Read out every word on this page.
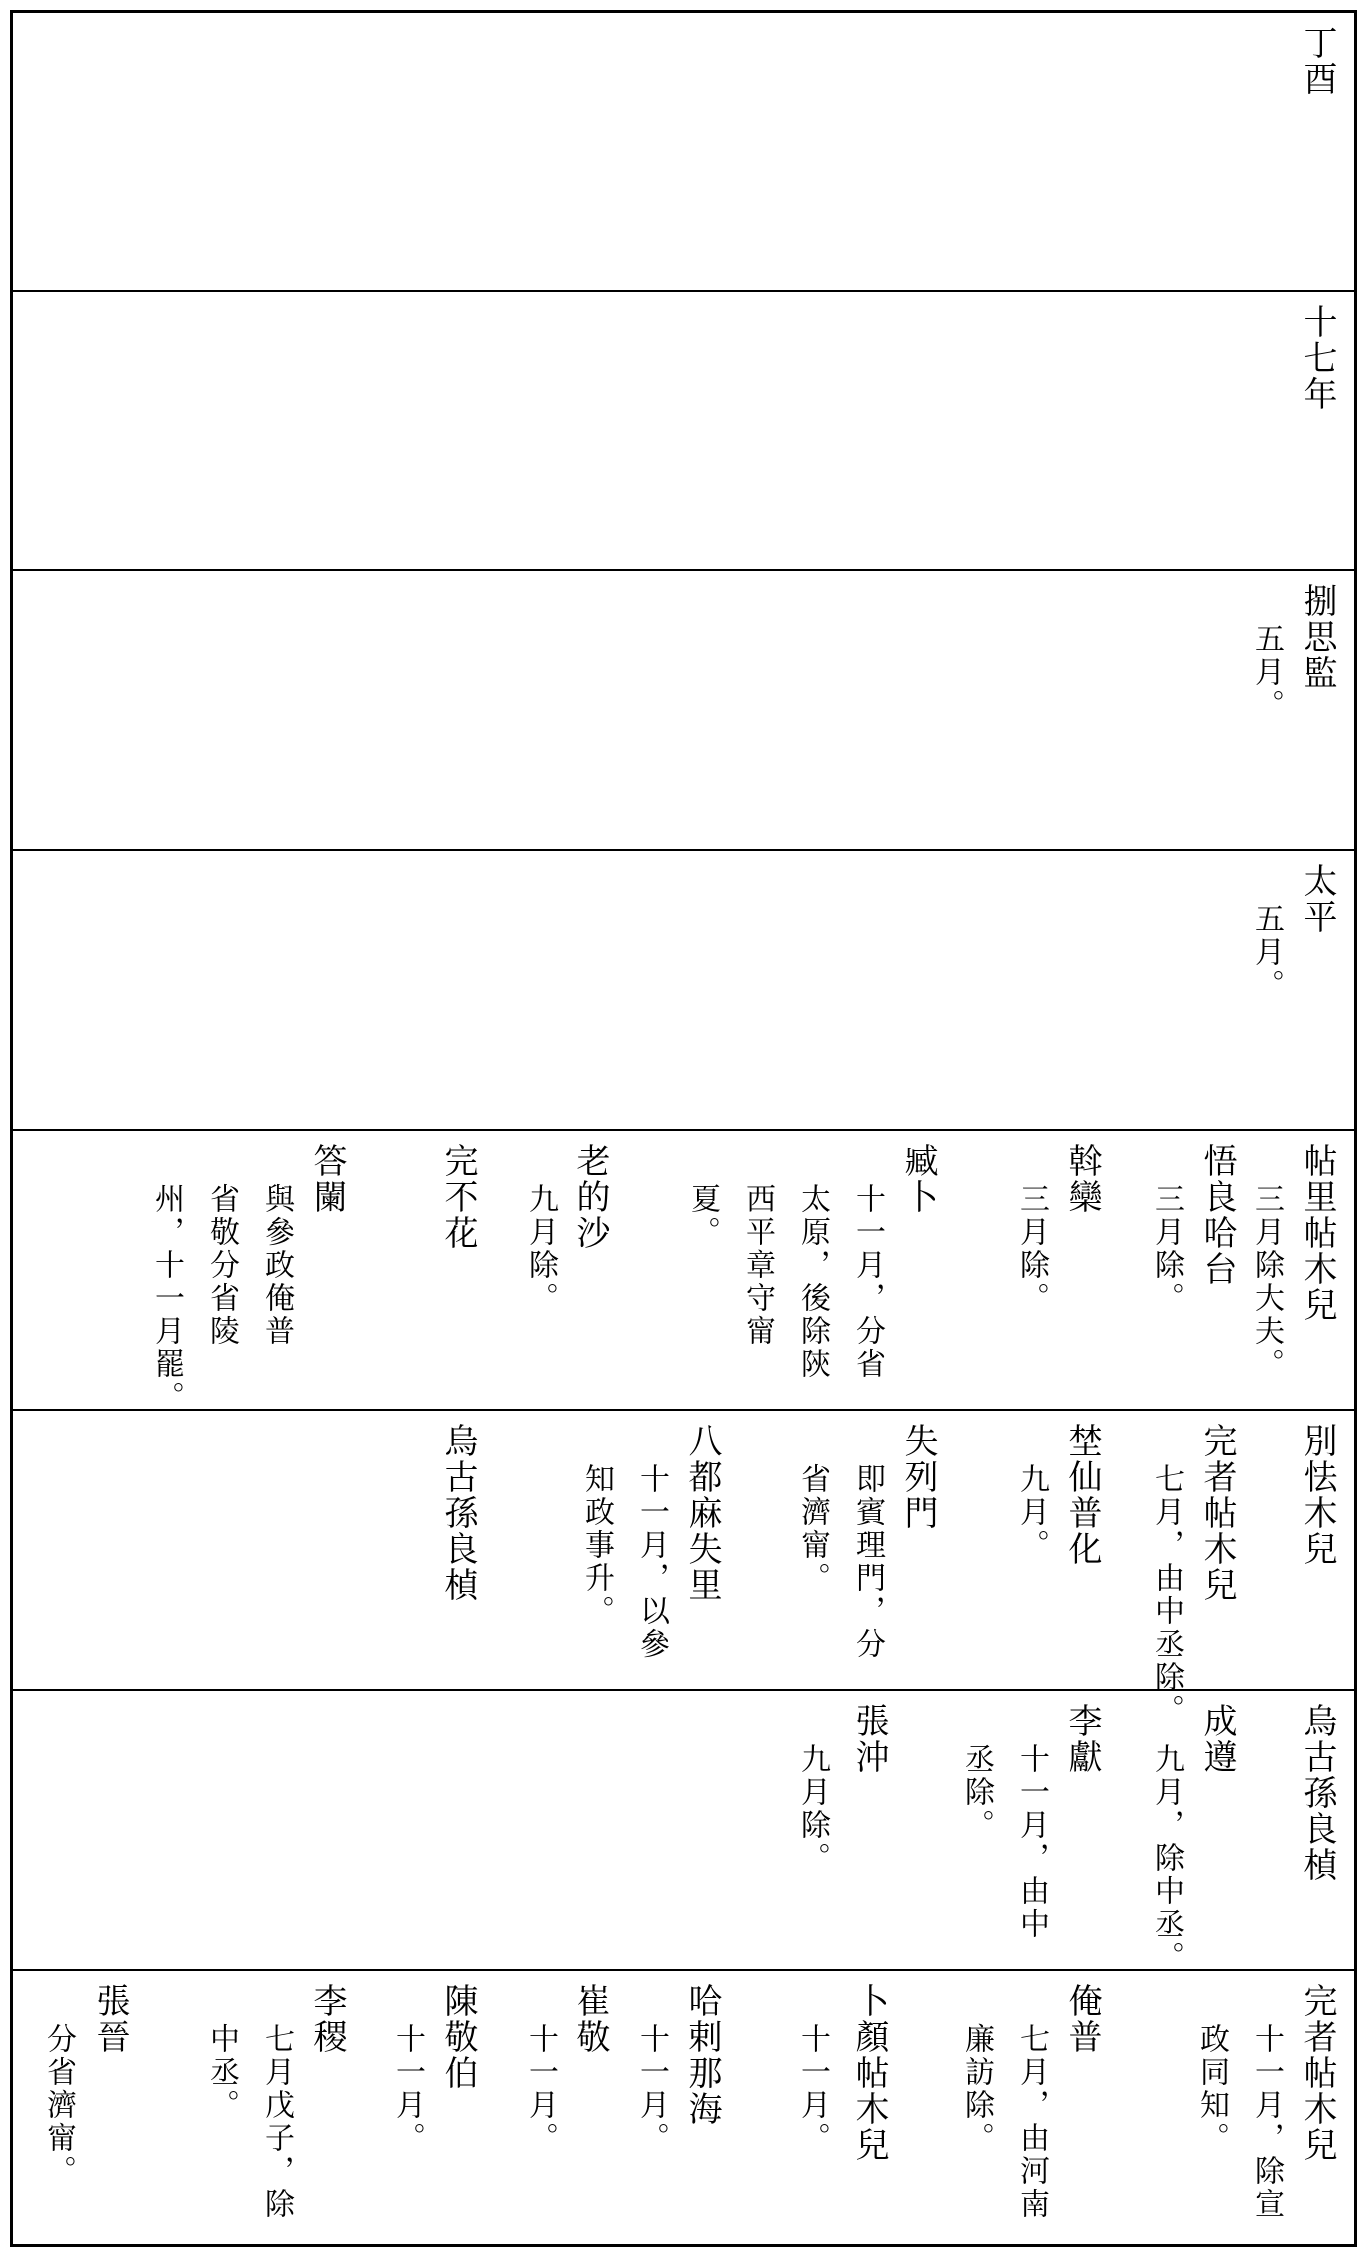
丁酉
十七年
捌思監
五月。
太平
五月。
帖里帖木兒
三月除大夫。
悟良哈台
三月除。
斡欒
三月除。
臧卜
十一月，分省
太原，後除陝
西平章守甯
夏。
老的沙
九月除。
完不花
答闌
與參政俺普
省敬分省陵
州，十一月罷。
別怯木兒
完者帖木兒
七月，由中丞除。
埜仙普化
九月。
失列門
即賓理門，分
省濟甯。
八都麻失里
十一月，以參
知政事升。
烏古孫良楨
烏古孫良楨
成遵
九月，除中丞。
李獻
十一月，由中
丞除。
張沖
九月除。
完者帖木兒
十一月，除宣
政同知。
俺普
七月，由河南
廉訪除。
卜顏帖木兒
十一月。
哈剌那海
十一月。
崔敬
十一月。
陳敬伯
十一月。
李稷
七月戊子，除
中丞。
張晉
分省濟甯。
